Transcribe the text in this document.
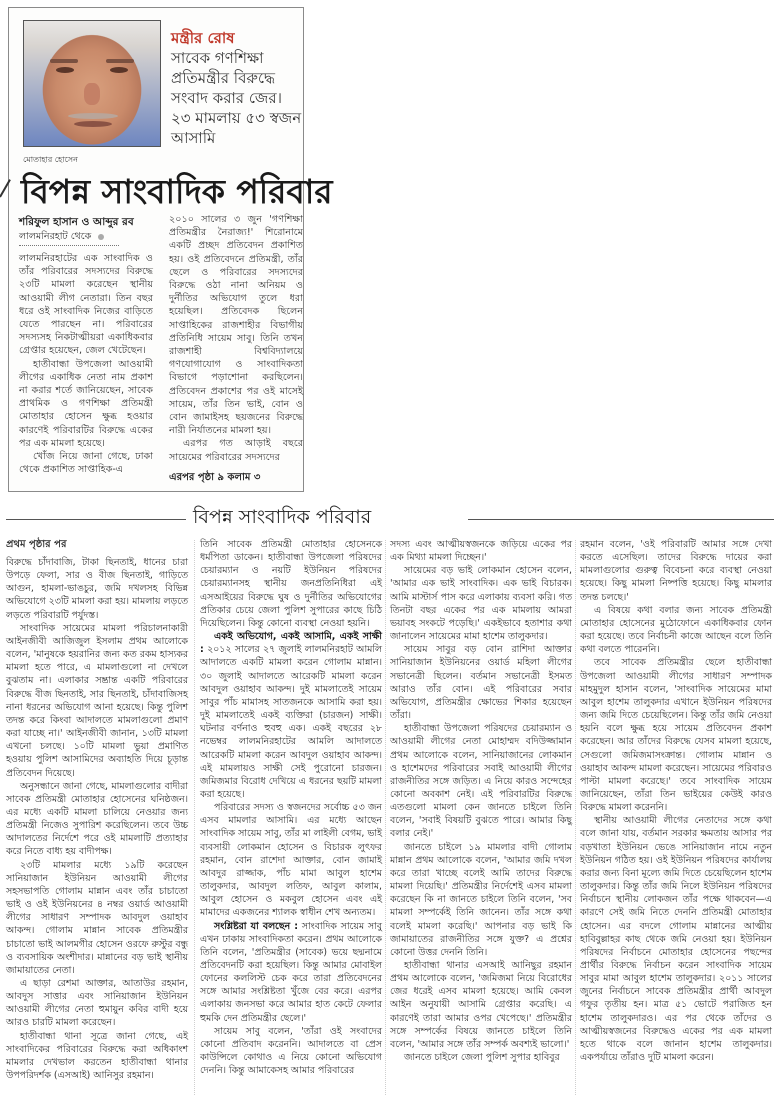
মন্ত্রীর রোষ
সাবেক গণশিক্ষা প্রতিমন্ত্রীর বিরুদ্ধে সংবাদ করার জের। ২৩ মামলায় ৫৩ স্বজন আসামি
মোতাহার হোসেন
বিপন্ন সাংবাদিক পরিবার
শরিফুল হাসান ও আব্দুর রব
লালমনিরহাট থেকে

লালমনিরহাটের এক সাংবাদিক ও তাঁর পরিবারের সদস্যদের বিরুদ্ধে ২৩টি মামলা করেছেন স্থানীয় আওয়ামী লীগ নেতারা। তিন বছর ধরে ওই সাংবাদিক নিজের বাড়িতে যেতে পারছেন না। পরিবারের সদস্যসহ নিকটাত্মীয়রা একাধিকবার গ্রেপ্তার হয়েছেন, জেল খেটেছেন।

হাতীবান্ধা উপজেলা আওয়ামী লীগের একাধিক নেতা নাম প্রকাশ না করার শর্তে জানিয়েছেন, সাবেক প্রাথমিক ও গণশিক্ষা প্রতিমন্ত্রী মোতাহার হোসেন ক্ষুব্ধ হওয়ার কারণেই পরিবারটির বিরুদ্ধে একের পর এক মামলা হয়েছে।

খোঁজ নিয়ে জানা গেছে, ঢাকা থেকে প্রকাশিত সাপ্তাহিক-এ

২০১০ সালের ৩ জুন 'গণশিক্ষা প্রতিমন্ত্রীর নৈরাজ্য!' শিরোনামে একটি প্রচ্ছদ প্রতিবেদন প্রকাশিত হয়। ওই প্রতিবেদনে প্রতিমন্ত্রী, তাঁর ছেলে ও পরিবারের সদস্যদের বিরুদ্ধে ওঠা নানা অনিয়ম ও দুর্নীতির অভিযোগ তুলে ধরা হয়েছিল। প্রতিবেদক ছিলেন সাপ্তাহিকের রাজশাহীর বিভাগীয় প্রতিনিধি সায়েম সাবু। তিনি তখন রাজশাহী বিশ্ববিদ্যালয়ে গণযোগাযোগ ও সাংবাদিকতা বিভাগে পড়াশোনা করছিলেন। প্রতিবেদন প্রকাশের পর ওই মাসেই সায়েম, তাঁর তিন ভাই, বোন ও বোন জামাইসহ ছয়জনের বিরুদ্ধে নারী নির্যাতনের মামলা হয়।

এরপর গত আড়াই বছরে সায়েমের পরিবারের সদস্যদের

এরপর পৃষ্ঠা ৯ কলাম ৩
বিপন্ন সাংবাদিক পরিবার
প্রথম পৃষ্ঠার পর

বিরুদ্ধে চাঁদাবাজি, টাকা ছিনতাই, ধানের চারা উপড়ে ফেলা, সার ও বীজ ছিনতাই, গাড়িতে আগুন, হামলা-ভাঙচুর, জমি দখলসহ বিভিন্ন অভিযোগে ২৩টি মামলা করা হয়। মামলায় লড়তে লড়তে পরিবারটি পর্যুদস্ত।

সাংবাদিক সায়েমের মামলা পরিচালনাকারী আইনজীবী আজিজুল ইসলাম প্রথম আলোকে বলেন, 'মানুষকে হয়রানির জন্য কত রকম হাস্যকর মামলা হতে পারে, এ মামলাগুলো না দেখলে বুঝতাম না। এলাকার সম্ভ্রান্ত একটি পরিবারের বিরুদ্ধে বীজ ছিনতাই, সার ছিনতাই, চাঁদাবাজিসহ নানা ধরনের অভিযোগ আনা হয়েছে। কিন্তু পুলিশ তদন্ত করে কিংবা আদালতে মামলাগুলো প্রমাণ করা যাচ্ছে না।' আইনজীবী জানান, ১৩টি মামলা এখনো চলছে। ১০টি মামলা ভুয়া প্রমাণিত হওয়ায় পুলিশ আসামিদের অব্যাহতি দিয়ে চূড়ান্ত প্রতিবেদন দিয়েছে।

অনুসন্ধানে জানা গেছে, মামলাগুলোর বাদীরা সাবেক প্রতিমন্ত্রী মোতাহার হোসেনের ঘনিষ্ঠজন। এর মধ্যে একটি মামলা চালিয়ে নেওয়ার জন্য প্রতিমন্ত্রী নিজেও সুপারিশ করেছিলেন। তবে উচ্চ আদালতের নির্দেশে পরে ওই মামলাটি প্রত্যাহার করে নিতে বাধ্য হয় বাদীপক্ষ।

২৩টি মামলার মধ্যে ১৯টি করেছেন সানিয়াজান ইউনিয়ন আওয়ামী লীগের সহসভাপতি গোলাম মান্নান এবং তাঁর চাচাতো ভাই ও ওই ইউনিয়নের ৪ নম্বর ওয়ার্ড আওয়ামী লীগের সাধারণ সম্পাদক আবদুল ওয়াহাব আকন্দ। গোলাম মান্নান সাবেক প্রতিমন্ত্রীর চাচাতো ভাই আলমগীর হোসেন ওরফে রুস্টুর বন্ধু ও ব্যবসায়িক অংশীদার। মান্নানের বড় ভাই স্থানীয় জামায়াতের নেতা।

এ ছাড়া রেশমা আক্তার, আতাউর রহমান, আবদুস সাত্তার এবং সানিয়াজান ইউনিয়ন আওয়ামী লীগের নেতা হুমায়ুন কবির বাদী হয়ে আরও চারটি মামলা করেছেন।

হাতীবান্ধা থানা সূত্রে জানা গেছে, এই সাংবাদিকের পরিবারের বিরুদ্ধে করা অধিকাংশ মামলার দেখভাল করতেন হাতীবান্ধা থানার উপপরিদর্শক (এসআই) আনিসুর রহমান।

তিনি সাবেক প্রতিমন্ত্রী মোতাহার হোসেনকে ধর্মপিতা ডাকেন। হাতীবান্ধা উপজেলা পরিষদের চেয়ারম্যান ও নয়টি ইউনিয়ন পরিষদের চেয়ারম্যানসহ স্থানীয় জনপ্রতিনিধিরা এই এসআইয়ের বিরুদ্ধে ঘুষ ও দুর্নীতির অভিযোগের প্রতিকার চেয়ে জেলা পুলিশ সুপারের কাছে চিঠি দিয়েছিলেন। কিন্তু কোনো ব্যবস্থা নেওয়া হয়নি।

একই অভিযোগ, একই আসামি, একই সাক্ষী : ২০১২ সালের ২৭ জুলাই লালমনিরহাট আমলি আদালতে একটি মামলা করেন গোলাম মান্নান। ৩০ জুলাই আদালতে আরেকটি মামলা করেন আবদুল ওয়াহাব আকন্দ। দুই মামলাতেই সায়েম সাবুর পাঁচ মামাসহ সাতজনকে আসামি করা হয়। দুই মামলাতেই একই ব্যক্তিরা (চারজন) সাক্ষী। ঘটনার বর্ণনাও হুবহু এক। একই বছরের ২৮ নভেম্বর লালমনিরহাটের আমলি আদালতে আরেকটি মামলা করেন আবদুল ওয়াহাব আকন্দ। এই মামলায়ও সাক্ষী সেই পুরোনো চারজন। জমিজমার বিরোধ দেখিয়ে এ ধরনের ছয়টি মামলা করা হয়েছে।

পরিবারের সদস্য ও স্বজনদের সর্বোচ্চ ৫৩ জন এসব মামলার আসামি। এর মধ্যে আছেন সাংবাদিক সায়েম সাবু, তাঁর মা লাইলী বেগম, ভাই ব্যবসায়ী লোকমান হোসেন ও বিচারক লুৎফর রহমান, বোন রাশেদা আক্তার, বোন জামাই আবদুর রাজ্জাক, পাঁচ মামা আবুল হাশেম তালুকদার, আবদুল লতিফ, আবুল কালাম, আবুল হোসেন ও মকবুল হোসেন এবং এই মামাদের একজনের শ্যালক স্বাধীন শেখ অন্যতম।

সংশ্লিষ্টরা যা বলছেন : সাংবাদিক সায়েম সাবু এখন ঢাকায় সাংবাদিকতা করেন। প্রথম আলোকে তিনি বলেন, 'প্রতিমন্ত্রীর (সাবেক) ভয়ে ছদ্মনামে প্রতিবেদনটি করা হয়েছিল। কিন্তু আমার মোবাইল ফোনের কললিস্ট চেক করে তারা প্রতিবেদনের সঙ্গে আমার সংশ্লিষ্টতা খুঁজে বের করে। এরপর এলাকায় জনসভা করে আমার হাত কেটে ফেলার হুমকি দেন প্রতিমন্ত্রীর ছেলে।'

সায়েম সাবু বলেন, 'তাঁরা ওই সংবাদের কোনো প্রতিবাদ করেননি। আদালতে বা প্রেস কাউন্সিলে কোথাও এ নিয়ে কোনো অভিযোগ দেননি। কিন্তু আমাকেসহ আমার পরিবারের

সদস্য এবং আত্মীয়স্বজনকে জড়িয়ে একের পর এক মিথ্যা মামলা দিচ্ছেন।'

সায়েমের বড় ভাই লোকমান হোসেন বলেন, 'আমার এক ভাই সাংবাদিক। এক ভাই বিচারক। আমি মাস্টার্স পাস করে এলাকায় ব্যবসা করি। গত তিনটা বছর একের পর এক মামলায় আমরা ভয়াবহ সংকটে পড়েছি।' একইভাবে হতাশার কথা জানালেন সায়েমের মামা হাশেম তালুকদার।

সায়েম সাবুর বড় বোন রাশিদা আক্তার সানিয়াজান ইউনিয়নের ওয়ার্ড মহিলা লীগের সভানেত্রী ছিলেন। বর্তমান সভানেত্রী ইসমত আরাও তাঁর বোন। এই পরিবারের সবার অভিযোগ, প্রতিমন্ত্রীর ক্ষোভের শিকার হয়েছেন তাঁরা।

হাতীবান্ধা উপজেলা পরিষদের চেয়ারম্যান ও আওয়ামী লীগের নেতা মোহাম্মদ বদিউজ্জামান প্রথম আলোকে বলেন, সানিয়াজানের লোকমান ও হাশেমদের পরিবারের সবাই আওয়ামী লীগের রাজনীতির সঙ্গে জড়িত। এ নিয়ে কারও সন্দেহের কোনো অবকাশ নেই। এই পরিবারটির বিরুদ্ধে এতগুলো মামলা কেন জানতে চাইলে তিনি বলেন, 'সবাই বিষয়টি বুঝতে পারে। আমার কিছু বলার নেই।'

জানতে চাইলে ১৯ মামলার বাদী গোলাম মান্নান প্রথম আলোকে বলেন, 'আমার জমি দখল করে তারা খাচ্ছে বলেই আমি তাদের বিরুদ্ধে মামলা দিয়েছি।' প্রতিমন্ত্রীর নির্দেশেই এসব মামলা করেছেন কি না জানতে চাইলে তিনি বলেন, 'সব মামলা সম্পর্কেই তিনি জানেন। তাঁর সঙ্গে কথা বলেই মামলা করেছি।' আপনার বড় ভাই কি জামায়াতের রাজনীতির সঙ্গে যুক্ত? এ প্রশ্নের কোনো উত্তর দেননি তিনি।

হাতীবান্ধা থানার এসআই আনিছুর রহমান প্রথম আলোকে বলেন, 'জমিজমা নিয়ে বিরোধের জের ধরেই এসব মামলা হয়েছে। আমি কেবল আইন অনুযায়ী আসামি গ্রেপ্তার করেছি। এ কারণেই তারা আমার ওপর খেপেছে।' প্রতিমন্ত্রীর সঙ্গে সম্পর্কের বিষয়ে জানতে চাইলে তিনি বলেন, 'আমার সঙ্গে তাঁর সম্পর্ক অবশ্যই ভালো।'

জানতে চাইলে জেলা পুলিশ সুপার হাবিবুর

রহমান বলেন, 'ওই পরিবারটি আমার সঙ্গে দেখা করতে এসেছিল। তাদের বিরুদ্ধে দায়ের করা মামলাগুলোর গুরুত্ব বিবেচনা করে ব্যবস্থা নেওয়া হয়েছে। কিছু মামলা নিষ্পত্তি হয়েছে। কিছু মামলার তদন্ত চলছে।'

এ বিষয়ে কথা বলার জন্য সাবেক প্রতিমন্ত্রী মোতাহার হোসেনের মুঠোফোনে একাধিকবার ফোন করা হয়েছে। তবে নির্বাচনী কাজে আছেন বলে তিনি কথা বলতে পারেননি।

তবে সাবেক প্রতিমন্ত্রীর ছেলে হাতীবান্ধা উপজেলা আওয়ামী লীগের সাধারণ সম্পাদক মাহমুদুল হাসান বলেন, 'সাংবাদিক সায়েমের মামা আবুল হাশেম তালুকদার এখানে ইউনিয়ন পরিষদের জন্য জমি দিতে চেয়েছিলেন। কিন্তু তাঁর জমি নেওয়া হয়নি বলে ক্ষুব্ধ হয়ে সায়েম প্রতিবেদন প্রকাশ করেছেন। আর তাঁদের বিরুদ্ধে যেসব মামলা হয়েছে, সেগুলো জমিজমাসংক্রান্ত। গোলাম মান্নান ও ওয়াহাব আকন্দ মামলা করেছেন। সায়েমের পরিবারও পাল্টা মামলা করেছে।' তবে সাংবাদিক সায়েম জানিয়েছেন, তাঁরা তিন ভাইয়ের কেউই কারও বিরুদ্ধে মামলা করেননি।

স্থানীয় আওয়ামী লীগের নেতাদের সঙ্গে কথা বলে জানা যায়, বর্তমান সরকার ক্ষমতায় আসার পর বড়খাতা ইউনিয়ন ভেঙে সানিয়াজান নামে নতুন ইউনিয়ন গঠিত হয়। ওই ইউনিয়ন পরিষদের কার্যালয় করার জন্য বিনা মূল্যে জমি দিতে চেয়েছিলেন হাশেম তালুকদার। কিন্তু তাঁর জমি নিলে ইউনিয়ন পরিষদের নির্বাচনে স্থানীয় লোকজন তাঁর পক্ষে থাকবেন—এ কারণে সেই জমি নিতে দেননি প্রতিমন্ত্রী মোতাহার হোসেন। এর বদলে গোলাম মান্নানের আত্মীয় হাবিবুল্লাহর কাছ থেকে জমি নেওয়া হয়। ইউনিয়ন পরিষদের নির্বাচনে মোতাহার হোসেনের পছন্দের প্রার্থীর বিরুদ্ধে নির্বাচন করেন সাংবাদিক সায়েম সাবুর মামা আবুল হাশেম তালুকদার। ২০১১ সালের জুনের নির্বাচনে সাবেক প্রতিমন্ত্রীর প্রার্থী আবদুল গফুর তৃতীয় হন। মাত্র ৫১ ভোটে পরাজিত হন হাশেম তালুকদারও। এর পর থেকে তাঁদের ও আত্মীয়স্বজনের বিরুদ্ধেও একের পর এক মামলা হতে থাকে বলে জানান হাশেম তালুকদার। একপর্যায়ে তাঁরাও দুটি মামলা করেন।
